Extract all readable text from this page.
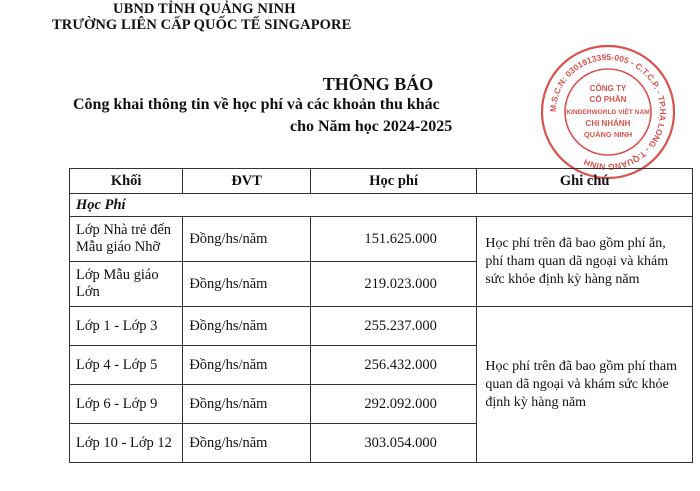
UBND TỈNH QUẢNG NINH
TRƯỜNG LIÊN CẤP QUỐC TẾ SINGAPORE
THÔNG BÁO
Công khai thông tin về học phí và các khoản thu khác
cho Năm học 2024-2025
M.S.C.N: 0301913395-005 - C.T.C.P. - TP.HẠ LONG - T.QUẢNG NINH
CÔNG TY
CỔ PHẦN
KINDERWORLD VIỆT NAM
CHI NHÁNH
QUẢNG NINH
Khối	ĐVT	Học phí	Ghi chú
Học Phí			
Lớp Nhà trẻ đến Mẫu giáo Nhỡ	Đồng/hs/năm	151.625.000	Học phí trên đã bao gồm phí ăn, phí tham quan dã ngoại và khám sức khỏe định kỳ hàng năm
Lớp Mẫu giáo Lớn	Đồng/hs/năm	219.023.000	
Lớp 1 - Lớp 3	Đồng/hs/năm	255.237.000	Học phí trên đã bao gồm phí tham quan dã ngoại và khám sức khỏe định kỳ hàng năm
Lớp 4 - Lớp 5	Đồng/hs/năm	256.432.000	
Lớp 6 - Lớp 9	Đồng/hs/năm	292.092.000	
Lớp 10 - Lớp 12	Đồng/hs/năm	303.054.000	
